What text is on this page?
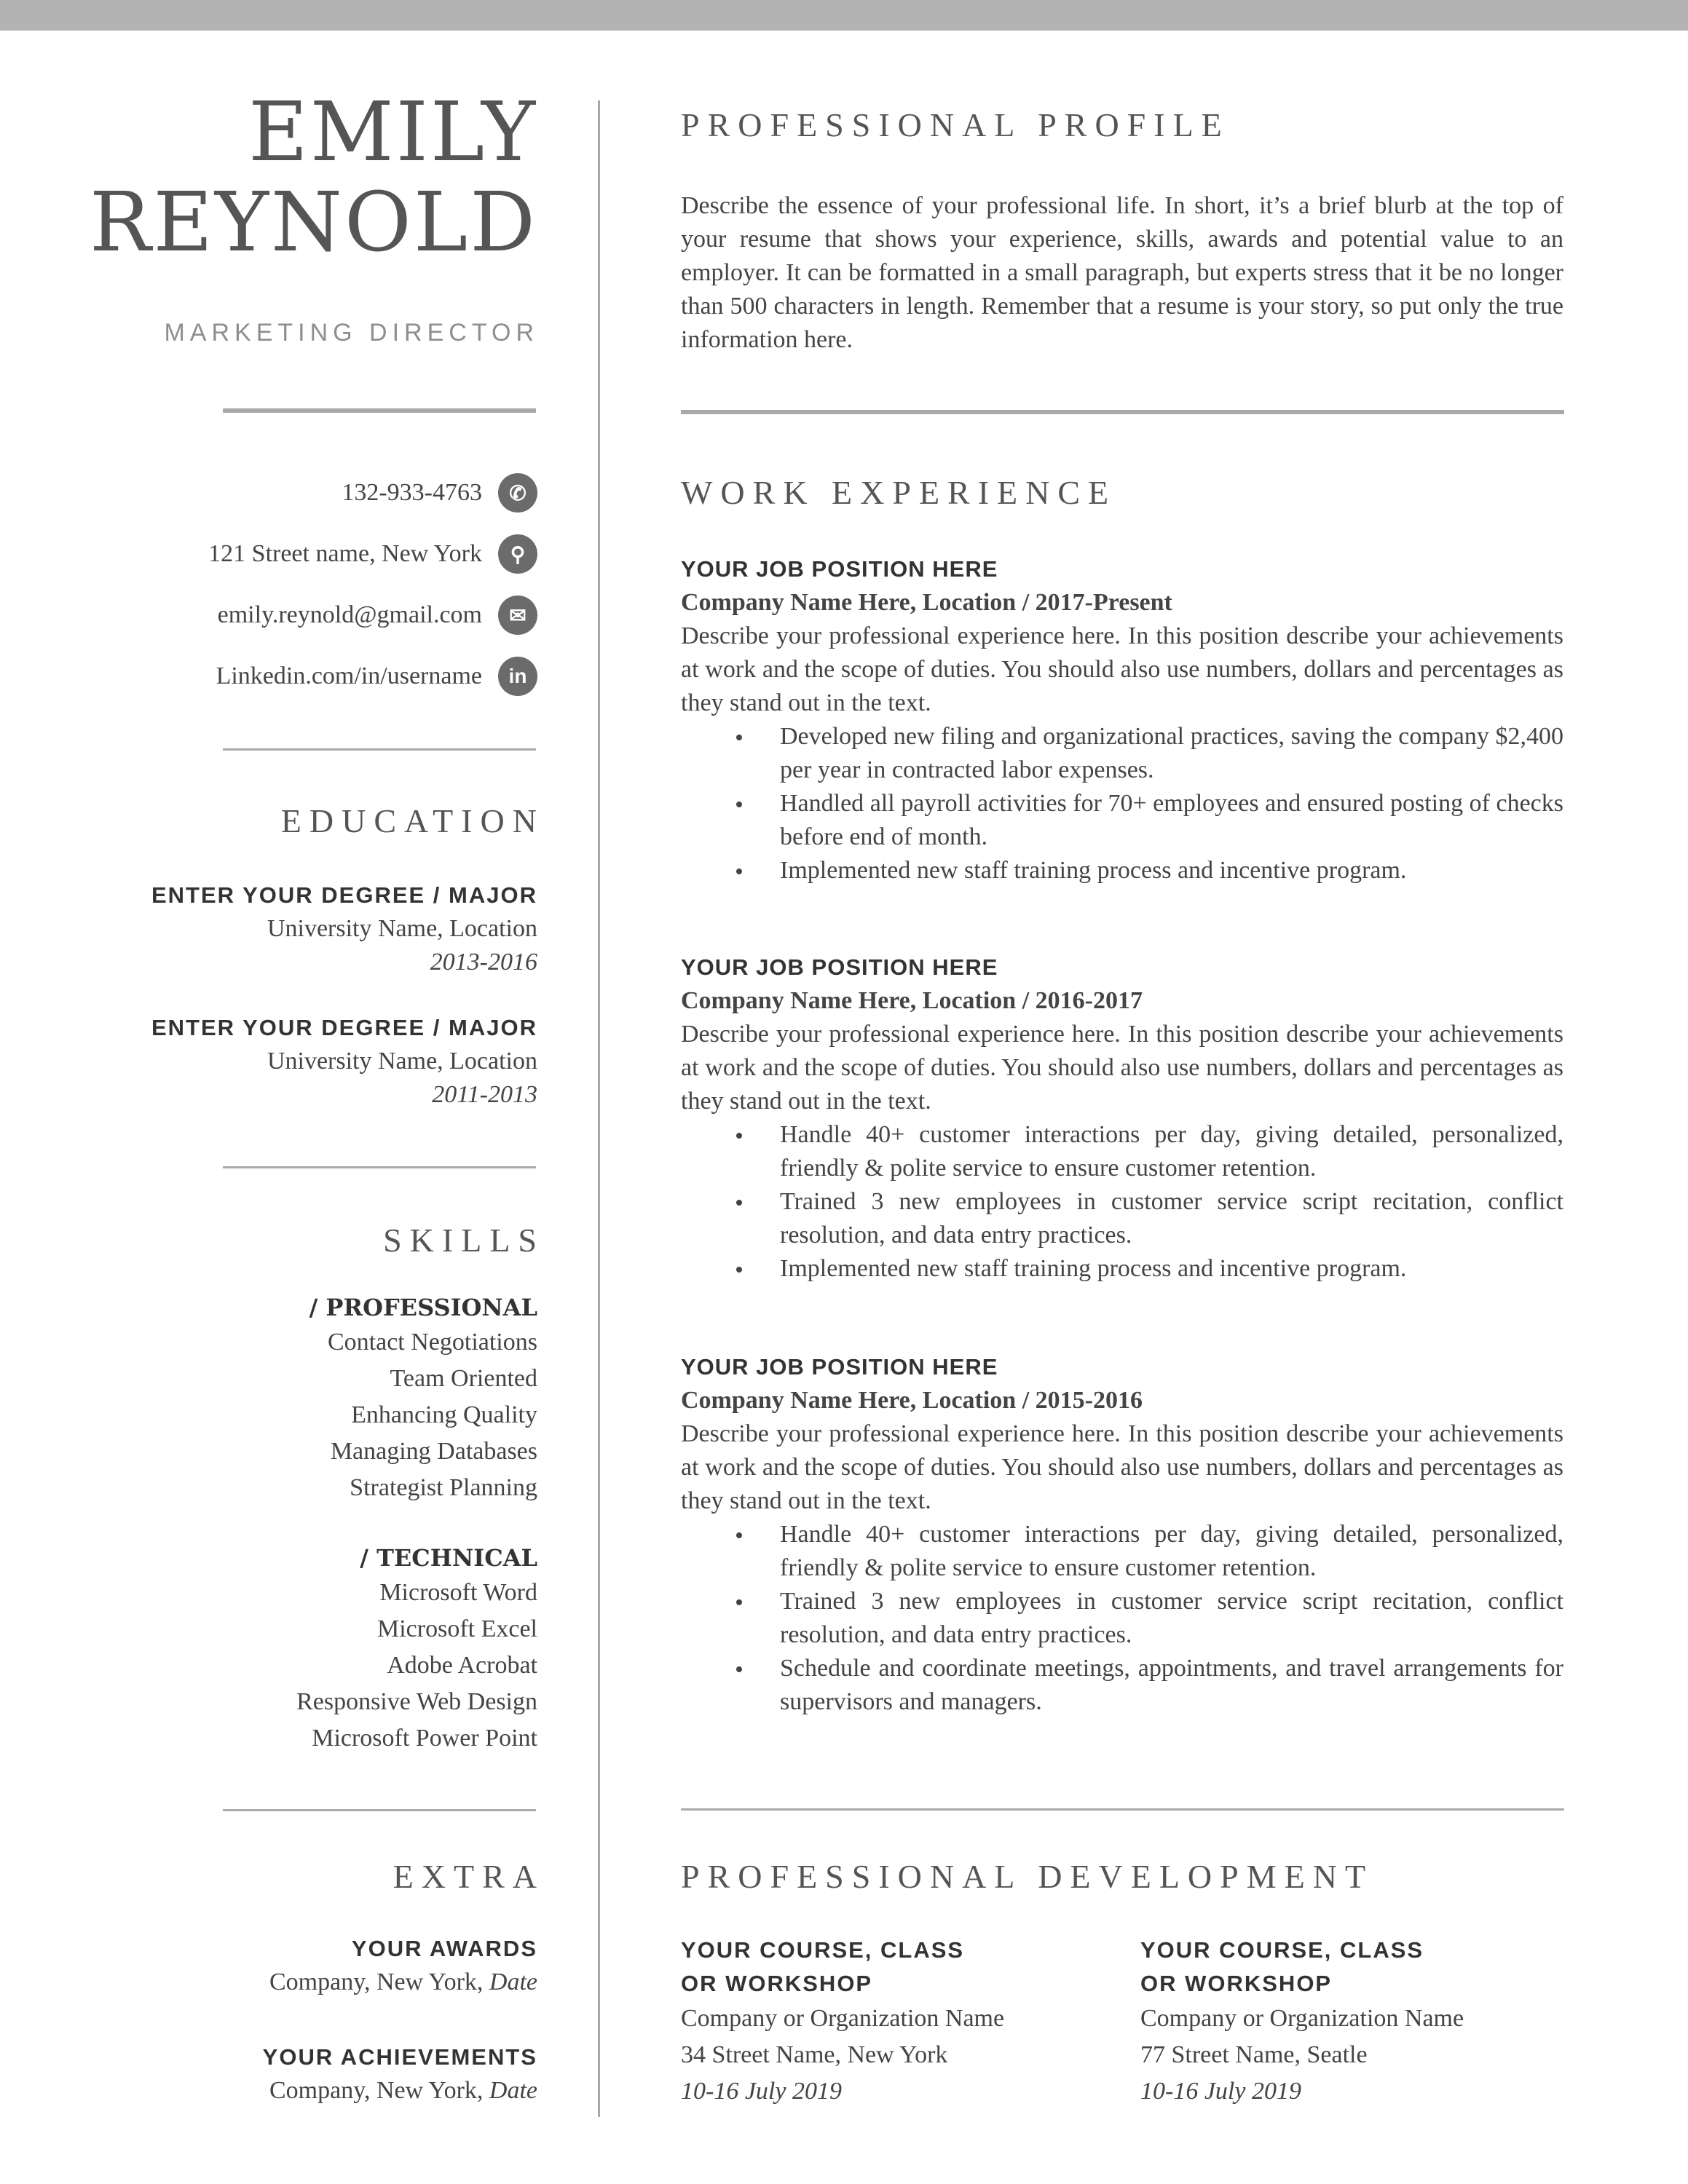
EMILY
REYNOLD
MARKETING DIRECTOR
132-933-4763	✆
121 Street name, New York	⚲
emily.reynold@gmail.com	✉
Linkedin.com/in/username	in
EDUCATION
ENTER YOUR DEGREE / MAJOR
University Name, Location
2013-2016
ENTER YOUR DEGREE / MAJOR
University Name, Location
2011-2013
SKILLS
/ PROFESSIONAL
Contact Negotiations
Team Oriented
Enhancing Quality
Managing Databases
Strategist Planning
/ TECHNICAL
Microsoft Word
Microsoft Excel
Adobe Acrobat
Responsive Web Design
Microsoft Power Point
EXTRA
YOUR AWARDS
Company, New York, Date
YOUR ACHIEVEMENTS
Company, New York, Date
PROFESSIONAL PROFILE

Describe the essence of your professional life. In short, it’s a brief blurb at the top of your resume that shows your experience, skills, awards and potential value to an employer. It can be formatted in a small paragraph, but experts stress that it be no longer than 500 characters in length. Remember that a resume is your story, so put only the true information here.

WORK EXPERIENCE
YOUR JOB POSITION HERE
Company Name Here, Location / 2017-Present

Describe your professional experience here. In this position describe your achievements at work and the scope of duties. You should also use numbers, dollars and percentages as they stand out in the text.

Developed new filing and organizational practices, saving the company $2,400 per year in contracted labor expenses.
Handled all payroll activities for 70+ employees and ensured posting of checks before end of month.
Implemented new staff training process and incentive program.
YOUR JOB POSITION HERE
Company Name Here, Location / 2016-2017

Describe your professional experience here. In this position describe your achievements at work and the scope of duties. You should also use numbers, dollars and percentages as they stand out in the text.

Handle 40+ customer interactions per day, giving detailed, personalized, friendly & polite service to ensure customer retention.
Trained 3 new employees in customer service script recitation, conflict resolution, and data entry practices.
Implemented new staff training process and incentive program.
YOUR JOB POSITION HERE
Company Name Here, Location / 2015-2016

Describe your professional experience here. In this position describe your achievements at work and the scope of duties. You should also use numbers, dollars and percentages as they stand out in the text.

Handle 40+ customer interactions per day, giving detailed, personalized, friendly & polite service to ensure customer retention.
Trained 3 new employees in customer service script recitation, conflict resolution, and data entry practices.
Schedule and coordinate meetings, appointments, and travel arrangements for supervisors and managers.
PROFESSIONAL DEVELOPMENT
YOUR COURSE, CLASS
OR WORKSHOP
Company or Organization Name
34 Street Name, New York
10-16 July 2019
YOUR COURSE, CLASS
OR WORKSHOP
Company or Organization Name
77 Street Name, Seatle
10-16 July 2019
